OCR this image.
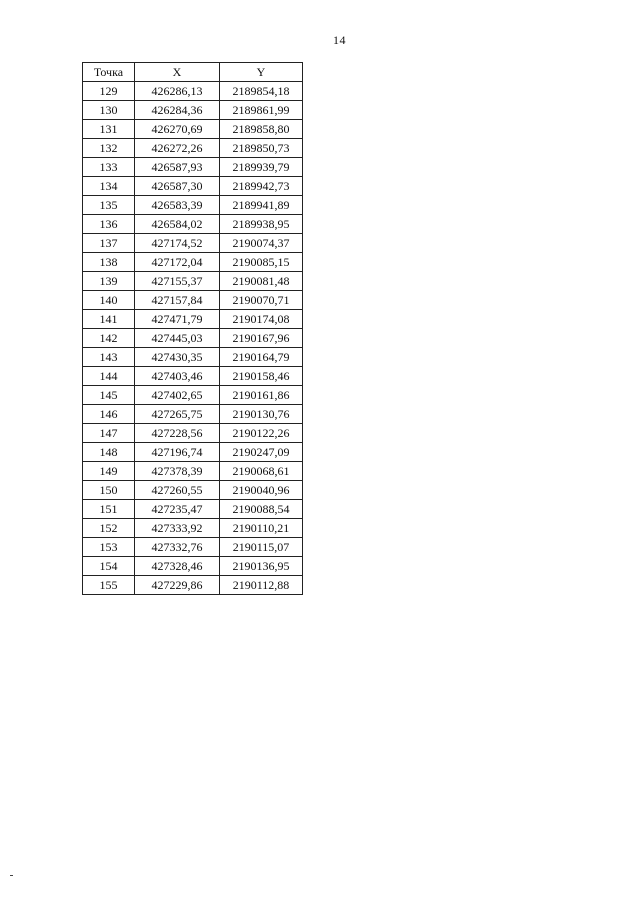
14
Точка	X	Y
129	426286,13	2189854,18
130	426284,36	2189861,99
131	426270,69	2189858,80
132	426272,26	2189850,73
133	426587,93	2189939,79
134	426587,30	2189942,73
135	426583,39	2189941,89
136	426584,02	2189938,95
137	427174,52	2190074,37
138	427172,04	2190085,15
139	427155,37	2190081,48
140	427157,84	2190070,71
141	427471,79	2190174,08
142	427445,03	2190167,96
143	427430,35	2190164,79
144	427403,46	2190158,46
145	427402,65	2190161,86
146	427265,75	2190130,76
147	427228,56	2190122,26
148	427196,74	2190247,09
149	427378,39	2190068,61
150	427260,55	2190040,96
151	427235,47	2190088,54
152	427333,92	2190110,21
153	427332,76	2190115,07
154	427328,46	2190136,95
155	427229,86	2190112,88
